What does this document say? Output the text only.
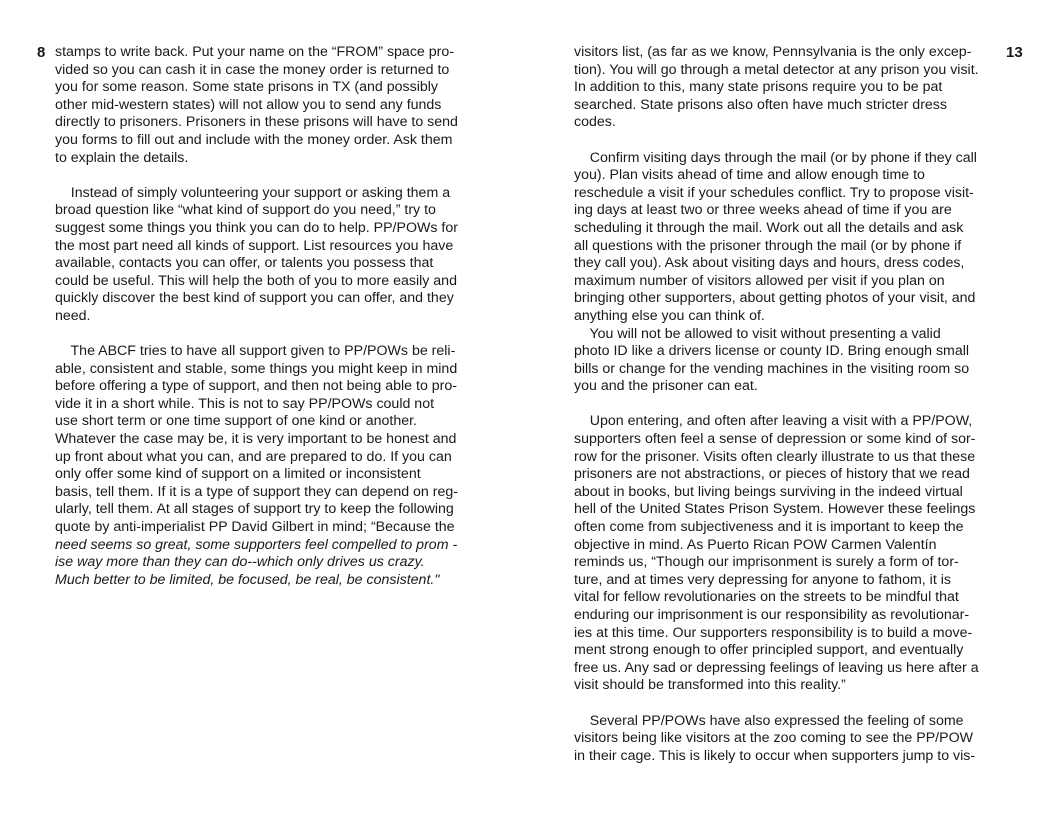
8 stamps to write back. Put your name on the “FROM” space pro-
vided so you can cash it in case the money order is returned to
you for some reason. Some state prisons in TX (and possibly
other mid-western states) will not allow you to send any funds
directly to prisoners. Prisoners in these prisons will have to send
you forms to fill out and include with the money order. Ask them
to explain the details.
Instead of simply volunteering your support or asking them a
broad question like “what kind of support do you need,” try to
suggest some things you think you can do to help. PP/POWs for
the most part need all kinds of support. List resources you have
available, contacts you can offer, or talents you possess that
could be useful. This will help the both of you to more easily and
quickly discover the best kind of support you can offer, and they
need.
The ABCF tries to have all support given to PP/POWs be reli-
able, consistent and stable, some things you might keep in mind
before offering a type of support, and then not being able to pro-
vide it in a short while. This is not to say PP/POWs could not
use short term or one time support of one kind or another.
Whatever the case may be, it is very important to be honest and
up front about what you can, and are prepared to do. If you can
only offer some kind of support on a limited or inconsistent
basis, tell them. If it is a type of support they can depend on reg-
ularly, tell them. At all stages of support try to keep the following
quote by anti-imperialist PP David Gilbert in mind; “Because the
need seems so great, some supporters feel compelled to prom -
ise way more than they can do--which only drives us crazy.
Much better to be limited, be focused, be real, be consistent."
13
visitors list, (as far as we know, Pennsylvania is the only excep-
tion). You will go through a metal detector at any prison you visit.
In addition to this, many state prisons require you to be pat
searched. State prisons also often have much stricter dress
codes.
Confirm visiting days through the mail (or by phone if they call
you). Plan visits ahead of time and allow enough time to
reschedule a visit if your schedules conflict. Try to propose visit-
ing days at least two or three weeks ahead of time if you are
scheduling it through the mail. Work out all the details and ask
all questions with the prisoner through the mail (or by phone if
they call you). Ask about visiting days and hours, dress codes,
maximum number of visitors allowed per visit if you plan on
bringing other supporters, about getting photos of your visit, and
anything else you can think of.
You will not be allowed to visit without presenting a valid
photo ID like a drivers license or county ID. Bring enough small
bills or change for the vending machines in the visiting room so
you and the prisoner can eat.
Upon entering, and often after leaving a visit with a PP/POW,
supporters often feel a sense of depression or some kind of sor-
row for the prisoner. Visits often clearly illustrate to us that these
prisoners are not abstractions, or pieces of history that we read
about in books, but living beings surviving in the indeed virtual
hell of the United States Prison System. However these feelings
often come from subjectiveness and it is important to keep the
objective in mind. As Puerto Rican POW Carmen Valentín
reminds us, “Though our imprisonment is surely a form of tor-
ture, and at times very depressing for anyone to fathom, it is
vital for fellow revolutionaries on the streets to be mindful that
enduring our imprisonment is our responsibility as revolutionar-
ies at this time. Our supporters responsibility is to build a move-
ment strong enough to offer principled support, and eventually
free us. Any sad or depressing feelings of leaving us here after a
visit should be transformed into this reality.”
Several PP/POWs have also expressed the feeling of some
visitors being like visitors at the zoo coming to see the PP/POW
in their cage. This is likely to occur when supporters jump to vis-
